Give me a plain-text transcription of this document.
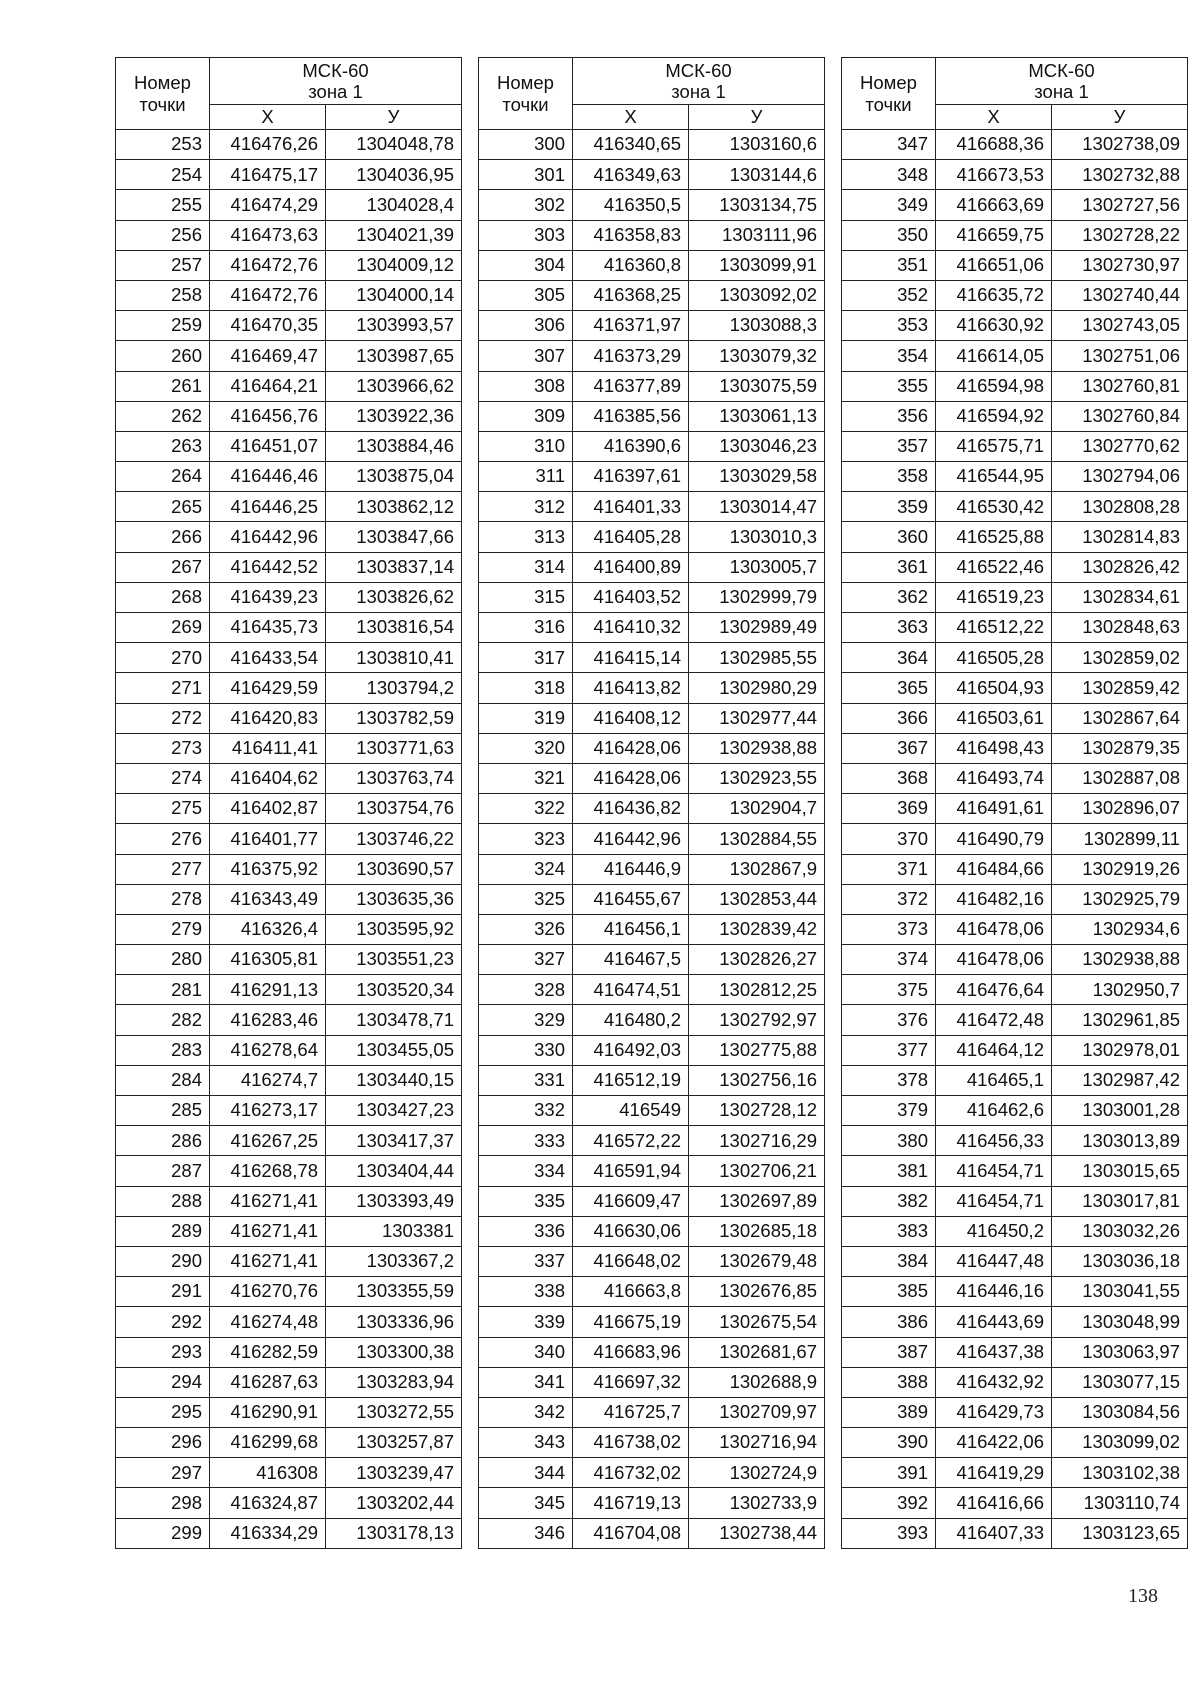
Номер
точки	МСК-60
зона 1	

	Х	У
253	416476,26	1304048,78
254	416475,17	1304036,95
255	416474,29	1304028,4
256	416473,63	1304021,39
257	416472,76	1304009,12
258	416472,76	1304000,14
259	416470,35	1303993,57
260	416469,47	1303987,65
261	416464,21	1303966,62
262	416456,76	1303922,36
263	416451,07	1303884,46
264	416446,46	1303875,04
265	416446,25	1303862,12
266	416442,96	1303847,66
267	416442,52	1303837,14
268	416439,23	1303826,62
269	416435,73	1303816,54
270	416433,54	1303810,41
271	416429,59	1303794,2
272	416420,83	1303782,59
273	416411,41	1303771,63
274	416404,62	1303763,74
275	416402,87	1303754,76
276	416401,77	1303746,22
277	416375,92	1303690,57
278	416343,49	1303635,36
279	416326,4	1303595,92
280	416305,81	1303551,23
281	416291,13	1303520,34
282	416283,46	1303478,71
283	416278,64	1303455,05
284	416274,7	1303440,15
285	416273,17	1303427,23
286	416267,25	1303417,37
287	416268,78	1303404,44
288	416271,41	1303393,49
289	416271,41	1303381
290	416271,41	1303367,2
291	416270,76	1303355,59
292	416274,48	1303336,96
293	416282,59	1303300,38
294	416287,63	1303283,94
295	416290,91	1303272,55
296	416299,68	1303257,87
297	416308	1303239,47
298	416324,87	1303202,44
299	416334,29	1303178,13
Номер
точки	МСК-60
зона 1	

	Х	У
300	416340,65	1303160,6
301	416349,63	1303144,6
302	416350,5	1303134,75
303	416358,83	1303111,96
304	416360,8	1303099,91
305	416368,25	1303092,02
306	416371,97	1303088,3
307	416373,29	1303079,32
308	416377,89	1303075,59
309	416385,56	1303061,13
310	416390,6	1303046,23
311	416397,61	1303029,58
312	416401,33	1303014,47
313	416405,28	1303010,3
314	416400,89	1303005,7
315	416403,52	1302999,79
316	416410,32	1302989,49
317	416415,14	1302985,55
318	416413,82	1302980,29
319	416408,12	1302977,44
320	416428,06	1302938,88
321	416428,06	1302923,55
322	416436,82	1302904,7
323	416442,96	1302884,55
324	416446,9	1302867,9
325	416455,67	1302853,44
326	416456,1	1302839,42
327	416467,5	1302826,27
328	416474,51	1302812,25
329	416480,2	1302792,97
330	416492,03	1302775,88
331	416512,19	1302756,16
332	416549	1302728,12
333	416572,22	1302716,29
334	416591,94	1302706,21
335	416609,47	1302697,89
336	416630,06	1302685,18
337	416648,02	1302679,48
338	416663,8	1302676,85
339	416675,19	1302675,54
340	416683,96	1302681,67
341	416697,32	1302688,9
342	416725,7	1302709,97
343	416738,02	1302716,94
344	416732,02	1302724,9
345	416719,13	1302733,9
346	416704,08	1302738,44
Номер
точки	МСК-60
зона 1	

	Х	У
347	416688,36	1302738,09
348	416673,53	1302732,88
349	416663,69	1302727,56
350	416659,75	1302728,22
351	416651,06	1302730,97
352	416635,72	1302740,44
353	416630,92	1302743,05
354	416614,05	1302751,06
355	416594,98	1302760,81
356	416594,92	1302760,84
357	416575,71	1302770,62
358	416544,95	1302794,06
359	416530,42	1302808,28
360	416525,88	1302814,83
361	416522,46	1302826,42
362	416519,23	1302834,61
363	416512,22	1302848,63
364	416505,28	1302859,02
365	416504,93	1302859,42
366	416503,61	1302867,64
367	416498,43	1302879,35
368	416493,74	1302887,08
369	416491,61	1302896,07
370	416490,79	1302899,11
371	416484,66	1302919,26
372	416482,16	1302925,79
373	416478,06	1302934,6
374	416478,06	1302938,88
375	416476,64	1302950,7
376	416472,48	1302961,85
377	416464,12	1302978,01
378	416465,1	1302987,42
379	416462,6	1303001,28
380	416456,33	1303013,89
381	416454,71	1303015,65
382	416454,71	1303017,81
383	416450,2	1303032,26
384	416447,48	1303036,18
385	416446,16	1303041,55
386	416443,69	1303048,99
387	416437,38	1303063,97
388	416432,92	1303077,15
389	416429,73	1303084,56
390	416422,06	1303099,02
391	416419,29	1303102,38
392	416416,66	1303110,74
393	416407,33	1303123,65
138
